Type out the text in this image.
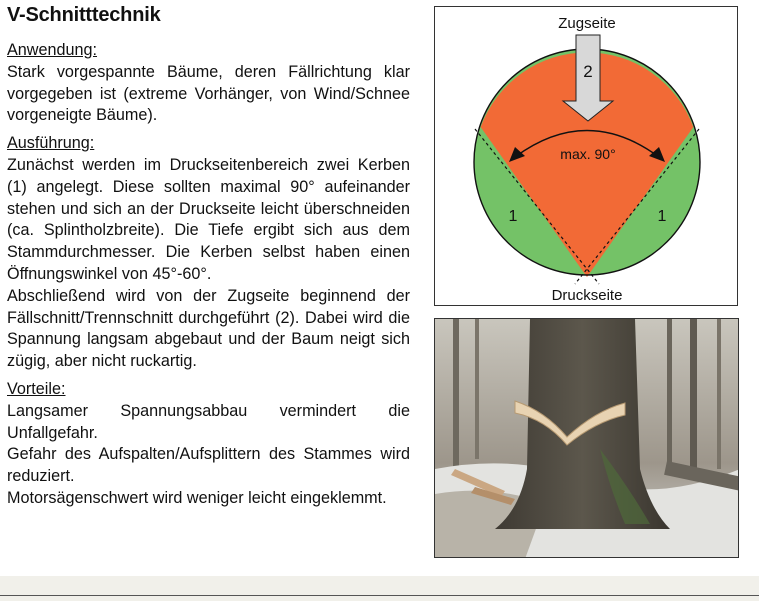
V-Schnitttechnik

Anwendung:

Stark vorgespannte Bäume, deren Fällrichtung klar vorgegeben ist (extreme Vorhänger, von Wind/Schnee vorgeneigte Bäume).

Ausführung:

Zunächst werden im Druckseitenbereich zwei Kerben (1) angelegt. Diese sollten maximal 90° aufeinander stehen und sich an der Druckseite leicht überschneiden (ca. Splintholzbreite). Die Tiefe ergibt sich aus dem Stammdurchmesser. Die Kerben selbst haben einen Öffnungswinkel von 45°-60°.

Abschließend wird von der Zugseite beginnend der Fällschnitt/Trennschnitt durchgeführt (2). Dabei wird die Spannung langsam abgebaut und der Baum neigt sich zügig, aber nicht ruckartig.

Vorteile:

Langsamer Spannungsabbau vermindert die Unfallgefahr.

Gefahr des Aufspalten/Aufsplittern des Stammes wird reduziert.

Motorsägenschwert wird weniger leicht eingeklemmt.

Zugseite
2
max. 90°
1	1
Druckseite
